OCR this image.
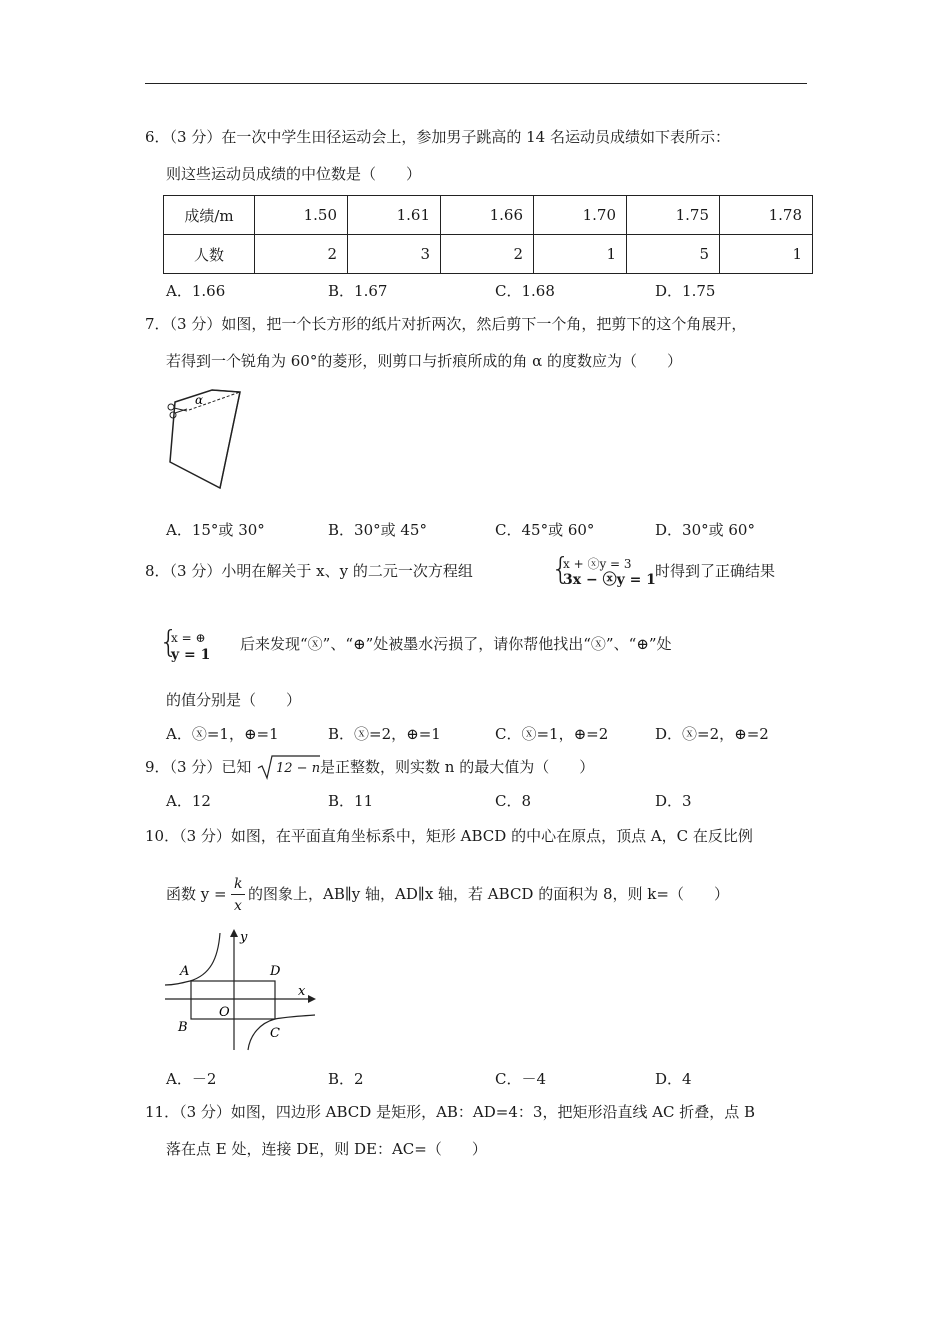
6．（3 分）在一次中学生田径运动会上，参加男子跳高的 14 名运动员成绩如下表所示：
则这些运动员成绩的中位数是（　　）
成绩/m	1.50	1.61	1.66	1.70	1.75	1.78
人数	2	3	2	1	5	1
A．1.66	B．1.67	C．1.68	D．1.75
7．（3 分）如图，把一个长方形的纸片对折两次，然后剪下一个角，把剪下的这个角展开，
若得到一个锐角为 60°的菱形，则剪口与折痕所成的角 α 的度数应为（　　）
α
A．15°或 30°	B．30°或 45°	C．45°或 60°	D．30°或 60°
8．（3 分）小明在解关于 x、y 的二元一次方程组	{
x + ⓧy = 3
3x − ⓧy = 1 时得到了正确结果
{
x = ⊕
y = 1
后来发现“ⓧ”、“⊕”处被墨水污损了，请你帮他找出“ⓧ”、“⊕”处
的值分别是（　　）
A．ⓧ=1，⊕=1	B．ⓧ=2，⊕=1	C．ⓧ=1，⊕=2	D．ⓧ=2，⊕=2
9．（3 分）已知 12 − n 是正整数，则实数 n 的最大值为（　　）
A．12	B．11	C．8	D．3
10．（3 分）如图，在平面直角坐标系中，矩形 ABCD 的中心在原点，顶点 A，C 在反比例
函数 y =
k
x
的图象上，AB∥y 轴，AD∥x 轴，若 ABCD 的面积为 8，则 k=（　　）
A	D
B	C
O
x
y
A．－2	B．2	C．－4	D．4
11．（3 分）如图，四边形 ABCD 是矩形，AB：AD=4：3，把矩形沿直线 AC 折叠，点 B
落在点 E 处，连接 DE，则 DE：AC=（　　）
